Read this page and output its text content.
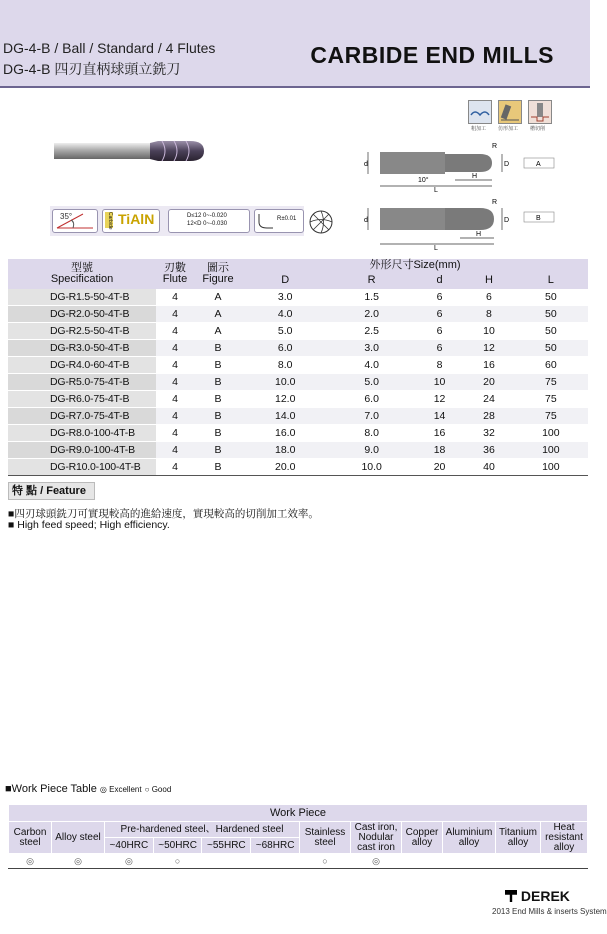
DG-4-B / Ball / Standard / 4 Flutes
DG-4-B 四刃直柄球頭立銑刀
CARBIDE END MILLS
粗加工 仿形加工 槽切削
35°	Carbide TiAlN	D≤12 0~-0.020
12<D 0~-0.030
R±0.01
d	D
R
L
H
10°
A
d	D
R
L
H
B
型號
Specification	刃數
Flute	圖示
Figure	外形尺寸Size(mm)				
			D	R	d	H	L
DG-R1.5-50-4T-B	4	A	3.0	1.5	6	6	50
DG-R2.0-50-4T-B	4	A	4.0	2.0	6	8	50
DG-R2.5-50-4T-B	4	A	5.0	2.5	6	10	50
DG-R3.0-50-4T-B	4	B	6.0	3.0	6	12	50
DG-R4.0-60-4T-B	4	B	8.0	4.0	8	16	60
DG-R5.0-75-4T-B	4	B	10.0	5.0	10	20	75
DG-R6.0-75-4T-B	4	B	12.0	6.0	12	24	75
DG-R7.0-75-4T-B	4	B	14.0	7.0	14	28	75
DG-R8.0-100-4T-B	4	B	16.0	8.0	16	32	100
DG-R9.0-100-4T-B	4	B	18.0	9.0	18	36	100
DG-R10.0-100-4T-B	4	B	20.0	10.0	20	40	100
特 點 / Feature
■四刃球頭銑刀可實現較高的進給速度，實現較高的切削加工效率。
■ High feed speed; High efficiency.
■Work Piece Table ◎ Excellent ○ Good
Work Piece											
Carbon
steel	Alloy steel	Pre-hardened steel、Hardened steel				Stainless
steel	Cast iron,
Nodular
cast iron	Copper
alloy	Aluminium
alloy	Titanium
alloy	Heat
resistant
alloy
		~40HRC	~50HRC	~55HRC	~68HRC						
◎	◎	◎	○			○	◎				
DEREK
2013 End Mills & inserts System
